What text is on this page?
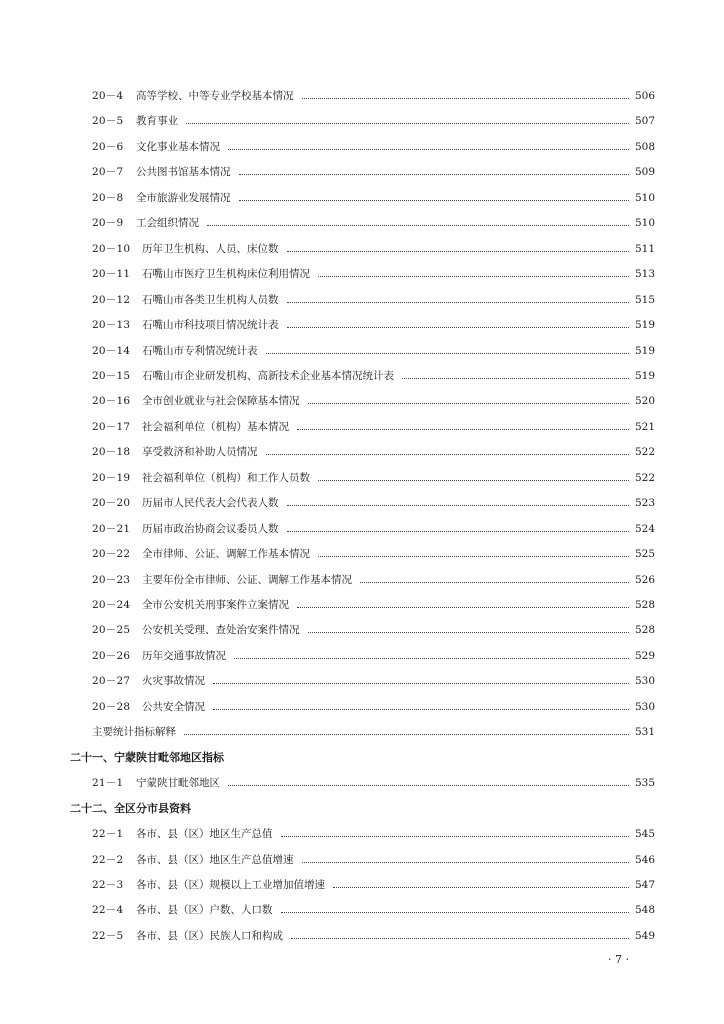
20－4	高等学校、中等专业学校基本情况	506
20－5	教育事业	507
20－6	文化事业基本情况	508
20－7	公共图书馆基本情况	509
20－8	全市旅游业发展情况	510
20－9	工会组织情况	510
20－10	历年卫生机构、人员、床位数	511
20－11	石嘴山市医疗卫生机构床位利用情况	513
20－12	石嘴山市各类卫生机构人员数	515
20－13	石嘴山市科技项目情况统计表	519
20－14	石嘴山市专利情况统计表	519
20－15	石嘴山市企业研发机构、高新技术企业基本情况统计表	519
20－16	全市创业就业与社会保障基本情况	520
20－17	社会福利单位（机构）基本情况	521
20－18	享受救济和补助人员情况	522
20－19	社会福利单位（机构）和工作人员数	522
20－20	历届市人民代表大会代表人数	523
20－21	历届市政治协商会议委员人数	524
20－22	全市律师、公证、调解工作基本情况	525
20－23	主要年份全市律师、公证、调解工作基本情况	526
20－24	全市公安机关刑事案件立案情况	528
20－25	公安机关受理、查处治安案件情况	528
20－26	历年交通事故情况	529
20－27	火灾事故情况	530
20－28	公共安全情况	530
主要统计指标解释	531
二十一、宁蒙陕甘毗邻地区指标
21－1	宁蒙陕甘毗邻地区	535
二十二、全区分市县资料
22－1	各市、县（区）地区生产总值	545
22－2	各市、县（区）地区生产总值增速	546
22－3	各市、县（区）规模以上工业增加值增速	547
22－4	各市、县（区）户数、人口数	548
22－5	各市、县（区）民族人口和构成	549
· 7 ·
